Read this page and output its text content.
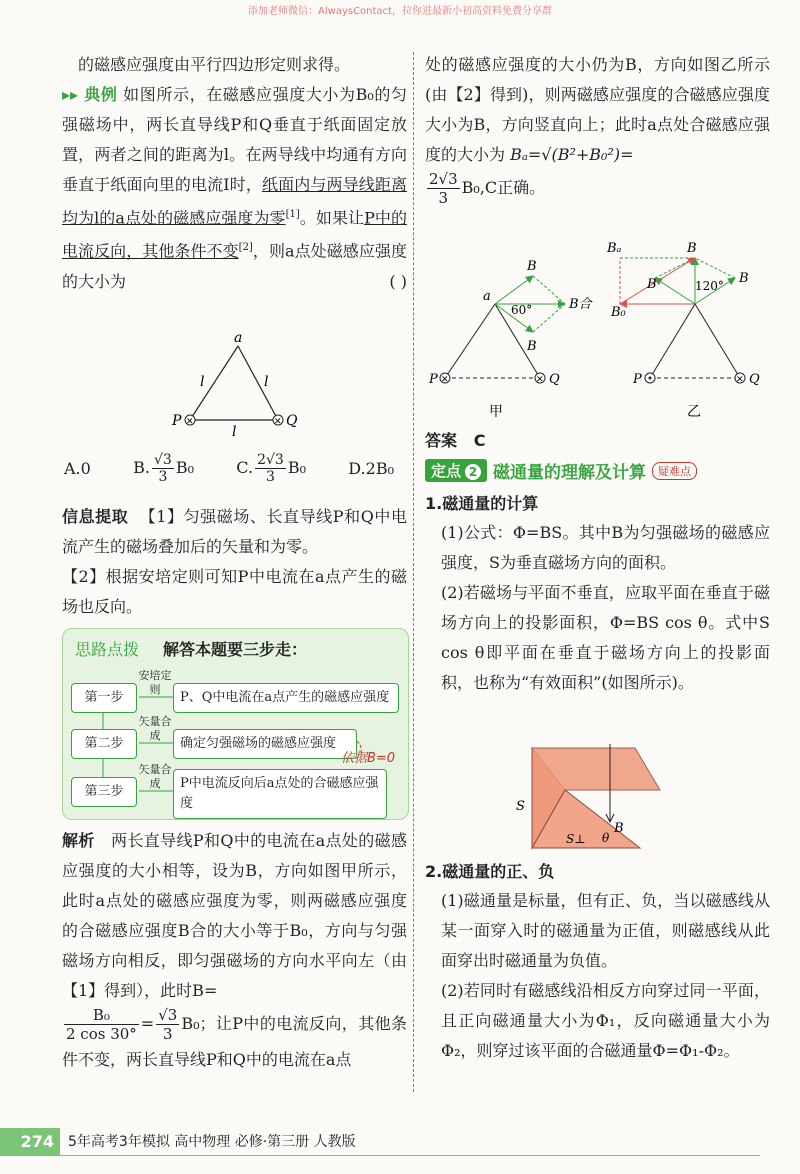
添加老师微信：AlwaysContact，拉你进最新小初高资料免费分享群

的磁感应强度由平行四边形定则求得。

▸▸ 典例 如图所示，在磁感应强度大小为B₀的匀强磁场中，两长直导线P和Q垂直于纸面固定放置，两者之间的距离为l。在两导线中均通有方向垂直于纸面向里的电流I时，纸面内与两导线距离均为l的a点处的磁感应强度为零[1]。如果让P中的电流反向，其他条件不变[2]，则a点处磁感应强度的大小为	( )

a
l	l
l
✕	✕
P	Q
A.0	B. $\frac{√3}{3} B_0$	C. $\frac{2√3}{3} B_0$	D.2B₀

信息提取 【1】匀强磁场、长直导线P和Q中电流产生的磁场叠加后的矢量和为零。

【2】根据安培定则可知P中电流在a点产生的磁场也反向。

思路点拨 解答本题要三步走：
第一步
安培定则
P、Q中电流在a点产生的磁感应强度
第二步
矢量合成
确定匀强磁场的磁感应强度
依据B=0
第三步
矢量合成	P中电流反向后a点处的合磁感应强度

解析 两长直导线P和Q中的电流在a点处的磁感应强度的大小相等，设为B，方向如图甲所示，此时a点处的磁感应强度为零，则两磁感应强度的合磁感应强度B合的大小等于B₀，方向与匀强磁场方向相反，即匀强磁场的方向水平向左（由【1】得到），此时B=

$\frac{\text{B₀}}{2 \cos 30^\circ} = \frac{√3}{3} B_0$；让P中的电流反向，其他条件不变，两长直导线P和Q中的电流在a点

处的磁感应强度的大小仍为B，方向如图乙所示(由【2】得到)，则两磁感应强度的合磁感应强度大小为B，方向竖直向上；此时a点处合磁感应强度的大小为 Bₐ=√(B²+B₀²)=

$\frac{2√3}{3} B_0,C$正确。

B
B
B合
a
60°
✕	✕
P	Q
甲
Bₐ	B
B	B
B₀
120°
✕
P	Q
乙
答案 C
定点 2 磁通量的理解及计算	疑难点
1.磁通量的计算

(1)公式：Φ=BS。其中B为匀强磁场的磁感应强度，S为垂直磁场方向的面积。

(2)若磁场与平面不垂直，应取平面在垂直于磁场方向上的投影面积，Φ=BS cos θ。式中S cos θ即平面在垂直于磁场方向上的投影面积，也称为“有效面积”(如图所示)。

S
B
S⊥ θ
2.磁通量的正、负

(1)磁通量是标量，但有正、负，当以磁感线从某一面穿入时的磁通量为正值，则磁感线从此面穿出时磁通量为负值。

(2)若同时有磁感线沿相反方向穿过同一平面，且正向磁通量大小为Φ₁，反向磁通量大小为Φ₂，则穿过该平面的合磁通量Φ=Φ₁-Φ₂。

274	5年高考3年模拟 高中物理 必修·第三册 人教版
